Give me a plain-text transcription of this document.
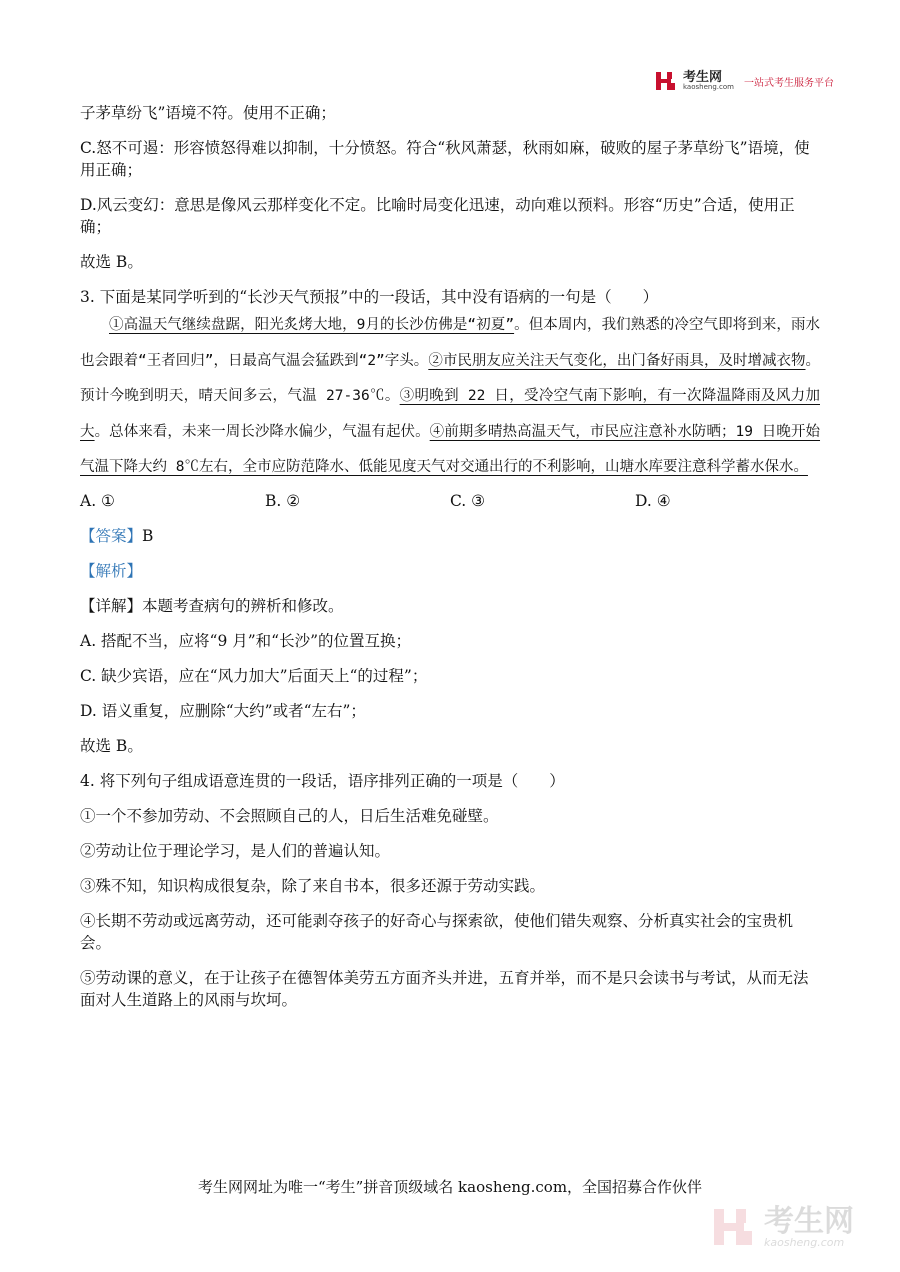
考生网
kaosheng.com 一站式考生服务平台

子茅草纷飞”语境不符。使用不正确；

C.怒不可遏：形容愤怒得难以抑制，十分愤怒。符合“秋风萧瑟，秋雨如麻，破败的屋子茅草纷飞”语境，使用正确；

D.风云变幻：意思是像风云那样变化不定。比喻时局变化迅速，动向难以预料。形容“历史”合适，使用正确；

故选 B。

3. 下面是某同学听到的“长沙天气预报”中的一段话，其中没有语病的一句是（　　）

①高温天气继续盘踞，阳光炙烤大地，9月的长沙仿佛是“初夏”。但本周内，我们熟悉的冷空气即将到来，雨水也会跟着“王者回归”，日最高气温会猛跌到“2”字头。②市民朋友应关注天气变化，出门备好雨具，及时增减衣物。预计今晚到明天，晴天间多云，气温 27-36℃。③明晚到 22 日，受冷空气南下影响，有一次降温降雨及风力加大。总体来看，未来一周长沙降水偏少，气温有起伏。④前期多晴热高温天气，市民应注意补水防晒；19 日晚开始气温下降大约 8℃左右，全市应防范降水、低能见度天气对交通出行的不利影响，山塘水库要注意科学蓄水保水。

A. ①	B. ②	C. ③	D. ④

【答案】B

【解析】

【详解】本题考查病句的辨析和修改。

A. 搭配不当，应将“9 月”和“长沙”的位置互换；

C. 缺少宾语，应在“风力加大”后面天上“的过程”；

D. 语义重复，应删除“大约”或者“左右”；

故选 B。

4. 将下列句子组成语意连贯的一段话，语序排列正确的一项是（　　）

①一个不参加劳动、不会照顾自己的人，日后生活难免碰壁。

②劳动让位于理论学习，是人们的普遍认知。

③殊不知，知识构成很复杂，除了来自书本，很多还源于劳动实践。

④长期不劳动或远离劳动，还可能剥夺孩子的好奇心与探索欲，使他们错失观察、分析真实社会的宝贵机会。

⑤劳动课的意义，在于让孩子在德智体美劳五方面齐头并进，五育并举，而不是只会读书与考试，从而无法面对人生道路上的风雨与坎坷。

考生网网址为唯一“考生”拼音顶级域名 kaosheng.com，全国招募合作伙伴
考生网
kaosheng.com
